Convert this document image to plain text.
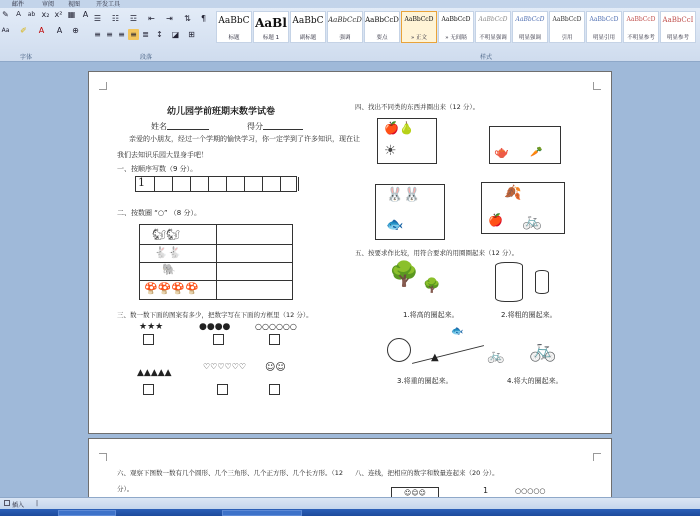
邮件	审阅 视图	开发工具
✎	A	ab x₂ x² ▦ A
Aa ✐	A	A	⊕
☰ ☷ ☲ ⇤ ⇥ ⇅	¶
≡ ≡ ≡ ≡ ≣ ↕ ◪ ⊞
字体	段落	样式
AaBbC
标题
AaBl
标题 1
AaBbC
副标题
AaBbCcD
强调
AaBbCcD
要点
AaBbCcD
» 正文
AaBbCcD
» 无间隔
AaBbCcD
不明显强调
AaBbCcD
明显强调
AaBbCcD
引用
AaBbCcD
明显引用
AaBbCcD
不明显参考
AaBbCcI
明显参考
幼儿园学前班期末数学试卷
姓名	得分
亲爱的小朋友，经过一个学期的愉快学习，你一定学到了许多知识，现在让
我们去知识乐园大显身手吧！
一、按顺序写数（9 分）。
1
二、按数圈 “○” （8 分）。
🐿🐿
🐇🐇
🐘
🍄🍄🍄🍄
三、数一数下面的图案有多少，把数字写在下面的方框里（12 分）。
★★★	●●●●	○○○○○○
▲▲▲▲▲
♡♡♡♡♡♡ ☺☺
四、找出不同类的东西并圈出来（12 分）。
🍎🍐
☀	🫖 🥕
🐰🐰
🐟
🍂
🍎 🚲
五、按要求作比较，用符合要求的用圈圈起来（12 分）。
🌳 🌳
1.将高的圈起来。	2.将粗的圈起来。
▲
🐟
🚲 🚲
3.将重的圈起来。	4.将大的圈起来。
六、观察下图数一数有几个圆形、几个三角形、几个正方形、几个长方形。（12
分）。
八、连线，把相应的数字和数量连起来（20 分）。
☺☺☺	1	○○○○○
插入 |
